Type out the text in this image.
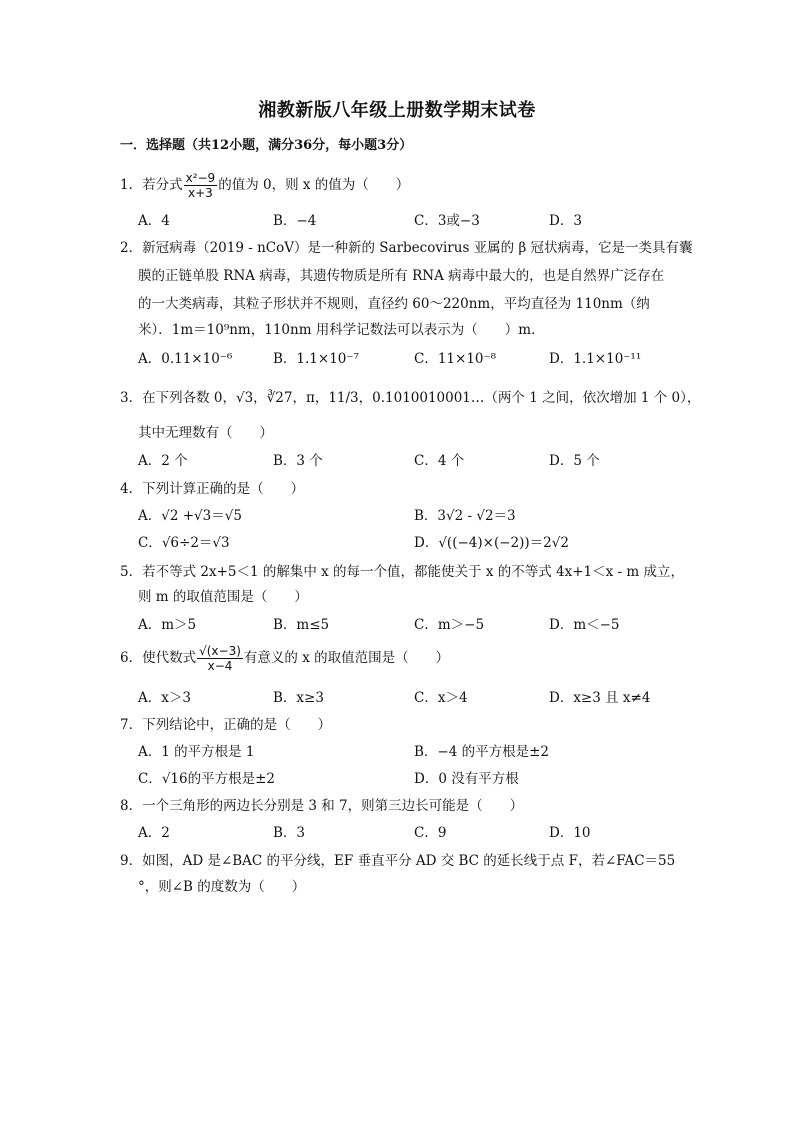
湘教新版八年级上册数学期末试卷
一．选择题（共12小题，满分36分，每小题3分）
1．若分式 $\frac{\text{x²−9}}{x+3}$ 的值为 0，则 x 的值为（　　）
A．4	B．−4	C．3或−3	D．3
2．新冠病毒（2019 - nCoV）是一种新的 Sarbecovirus 亚属的 β 冠状病毒，它是一类具有囊
膜的正链单股 RNA 病毒，其遗传物质是所有 RNA 病毒中最大的，也是自然界广泛存在
的一大类病毒，其粒子形状并不规则，直径约 60～220nm，平均直径为 110nm（纳
米）．1m＝10⁹nm，110nm 用科学记数法可以表示为（　　）m．
A．0.11×10⁻⁶	B．1.1×10⁻⁷	C．11×10⁻⁸	D．1.1×10⁻¹¹
3．在下列各数 0，√3，∛27，π，11/3，0.1010010001…（两个 1 之间，依次增加 1 个 0），
其中无理数有（　　）
A．2 个	B．3 个	C．4 个	D．5 个
4．下列计算正确的是（　　）
A．√2 +√3＝√5	B．3√2 - √2＝3
C．√6÷2＝√3	D．√((−4)×(−2))＝2√2
5．若不等式 2x+5＜1 的解集中 x 的每一个值，都能使关于 x 的不等式 4x+1＜x - m 成立，
则 m 的取值范围是（　　）
A．m＞5	B．m≤5	C．m＞−5	D．m＜−5
6．使代数式 $\frac{√(x-3)}{x-4}$ 有意义的 x 的取值范围是（　　）
A．x＞3	B．x≥3	C．x＞4	D．x≥3 且 x≠4
7．下列结论中，正确的是（　　）
A．1 的平方根是 1	B．−4 的平方根是±2
C．√16的平方根是±2	D．0 没有平方根
8．一个三角形的两边长分别是 3 和 7，则第三边长可能是（　　）
A．2	B．3	C．9	D．10
9．如图，AD 是∠BAC 的平分线，EF 垂直平分 AD 交 BC 的延长线于点 F，若∠FAC＝55
°，则∠B 的度数为（　　）
